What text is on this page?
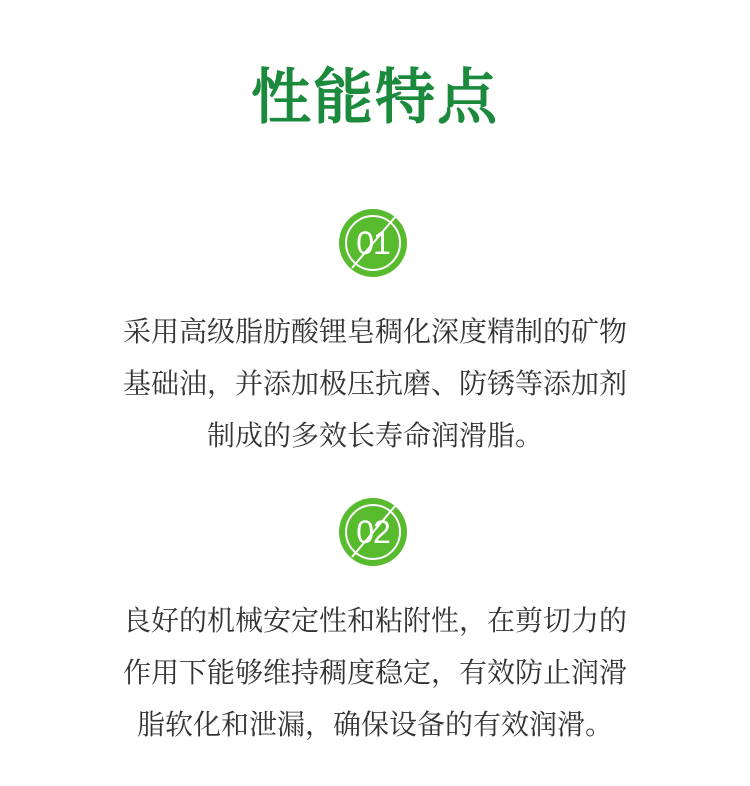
性能特点
01
采用高级脂肪酸锂皂稠化深度精制的矿物
基础油，并添加极压抗磨、防锈等添加剂
制成的多效长寿命润滑脂。
02
良好的机械安定性和粘附性，在剪切力的
作用下能够维持稠度稳定，有效防止润滑
脂软化和泄漏，确保设备的有效润滑。
